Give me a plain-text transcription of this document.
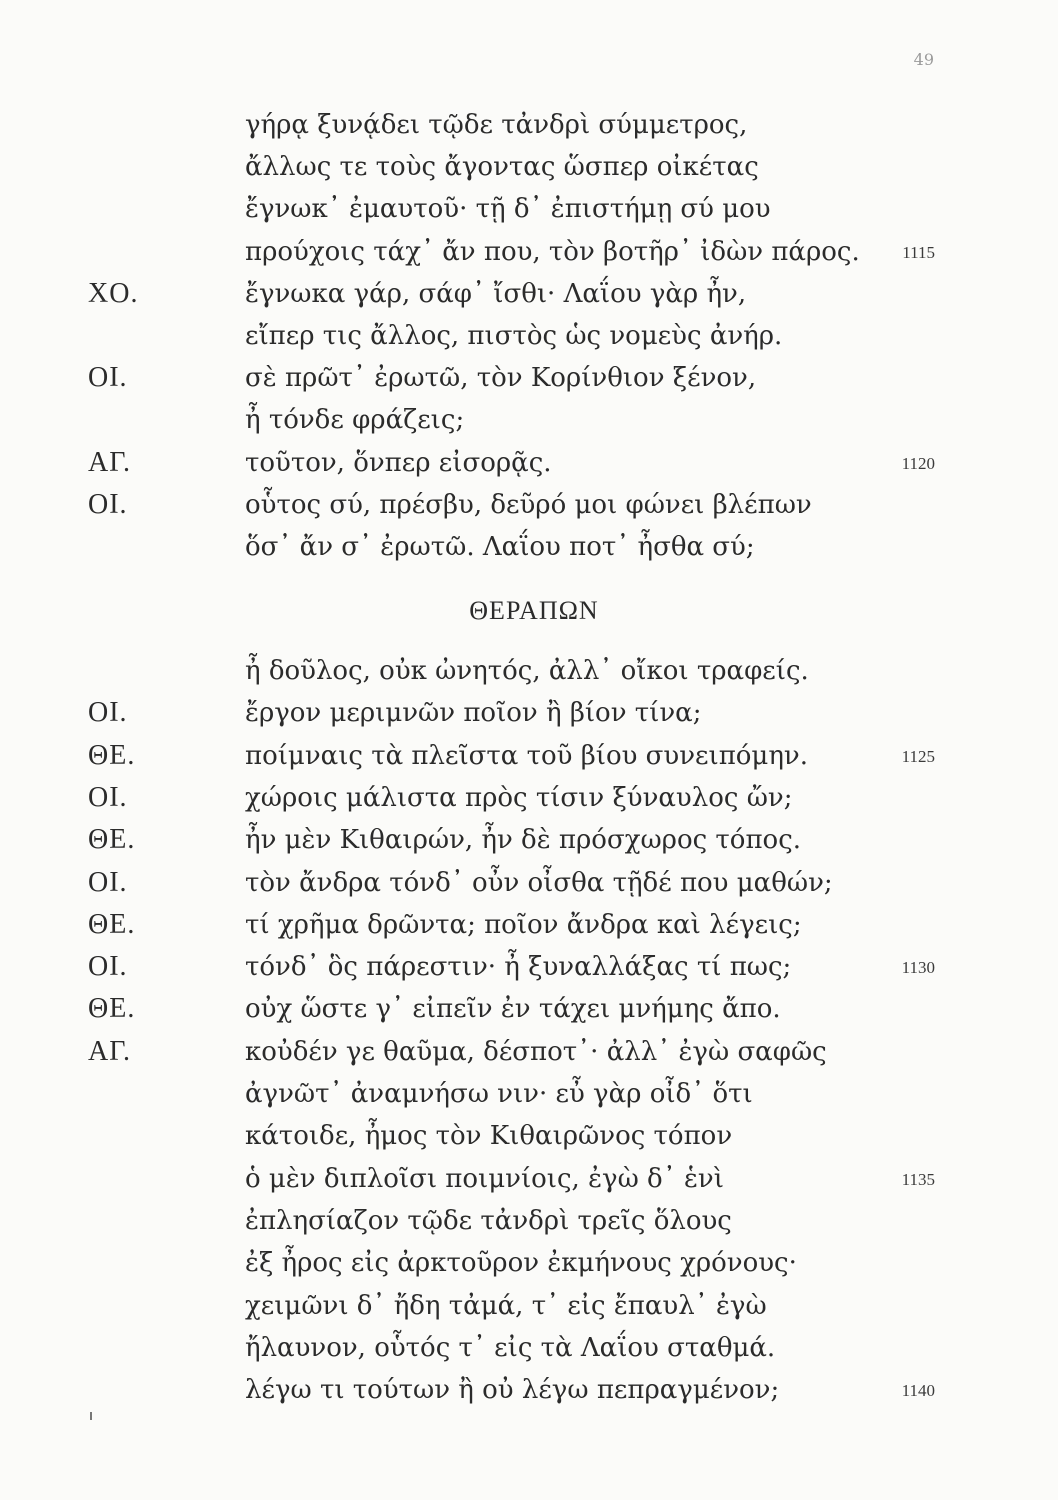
49
γήρᾳ ξυνᾴδει τῷδε τἀνδρὶ σύμμετρος,
ἄλλως τε τοὺς ἄγοντας ὥσπερ οἰκέτας
ἔγνωκ᾽ ἐμαυτοῦ· τῇ δ᾽ ἐπιστήμῃ σύ μου
προύχοις τάχ᾽ ἄν που, τὸν βοτῆρ᾽ ἰδὼν πάρος. 1115
ΧΟ.	ἔγνωκα γάρ, σάφ᾽ ἴσθι· Λαΐου γὰρ ἦν,
εἴπερ τις ἄλλος, πιστὸς ὡς νομεὺς ἀνήρ.
ΟΙ.	σὲ πρῶτ᾽ ἐρωτῶ, τὸν Κορίνθιον ξένον,
ἦ τόνδε φράζεις;
ΑΓ.	τοῦτον, ὅνπερ εἰσορᾷς.	1120
ΟΙ.	οὗτος σύ, πρέσβυ, δεῦρό μοι φώνει βλέπων
ὅσ᾽ ἄν σ᾽ ἐρωτῶ. Λαΐου ποτ᾽ ἦσθα σύ;
ΘΕΡΑΠΩΝ
ἦ δοῦλος, οὐκ ὠνητός, ἀλλ᾽ οἴκοι τραφείς.
ΟΙ.	ἔργον μεριμνῶν ποῖον ἢ βίον τίνα;
ΘΕ.	ποίμναις τὰ πλεῖστα τοῦ βίου συνειπόμην.	1125
ΟΙ.	χώροις μάλιστα πρὸς τίσιν ξύναυλος ὤν;
ΘΕ.	ἦν μὲν Κιθαιρών, ἦν δὲ πρόσχωρος τόπος.
ΟΙ.	τὸν ἄνδρα τόνδ᾽ οὖν οἶσθα τῇδέ που μαθών;
ΘΕ.	τί χρῆμα δρῶντα; ποῖον ἄνδρα καὶ λέγεις;
ΟΙ.	τόνδ᾽ ὃς πάρεστιν· ἦ ξυναλλάξας τί πως;	1130
ΘΕ.	οὐχ ὥστε γ᾽ εἰπεῖν ἐν τάχει μνήμης ἄπο.
ΑΓ.	κοὐδέν γε θαῦμα, δέσποτ᾽· ἀλλ᾽ ἐγὼ σαφῶς
ἀγνῶτ᾽ ἀναμνήσω νιν· εὖ γὰρ οἶδ᾽ ὅτι
κάτοιδε, ἦμος τὸν Κιθαιρῶνος τόπον
ὁ μὲν διπλοῖσι ποιμνίοις, ἐγὼ δ᾽ ἑνὶ	1135
ἐπλησίαζον τῷδε τἀνδρὶ τρεῖς ὅλους
ἐξ ἦρος εἰς ἀρκτοῦρον ἐκμήνους χρόνους·
χειμῶνι δ᾽ ἤδη τἀμά, τ᾽ εἰς ἔπαυλ᾽ ἐγὼ
ἤλαυνον, οὗτός τ᾽ εἰς τὰ Λαΐου σταθμά.
λέγω τι τούτων ἢ οὐ λέγω πεπραγμένον;	1140
